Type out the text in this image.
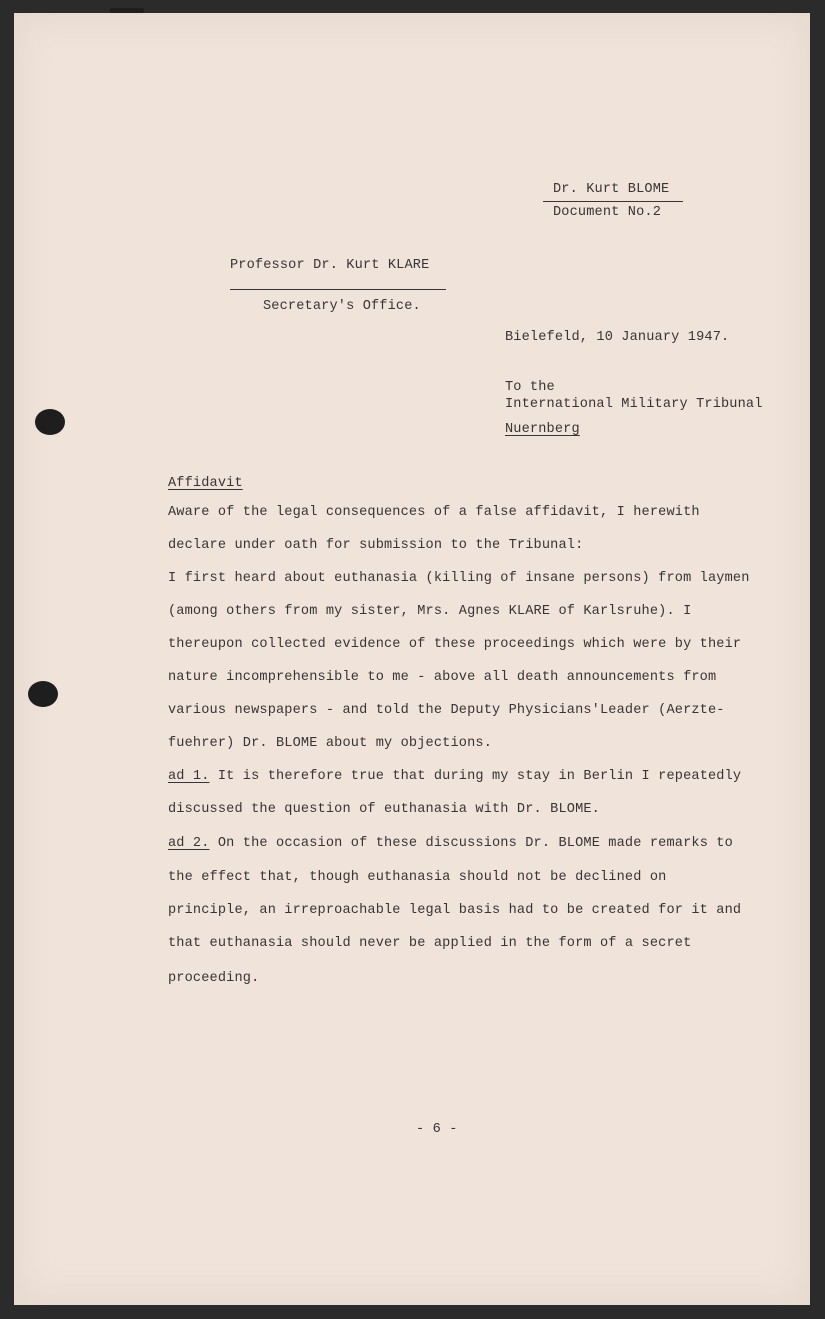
Dr. Kurt BLOME
Document No.2
Professor Dr. Kurt KLARE
Secretary's Office.
Bielefeld, 10 January 1947.
To the
International Military Tribunal
Nuernberg
Affidavit
Aware of the legal consequences of a false affidavit, I herewith
declare under oath for submission to the Tribunal:
I first heard about euthanasia (killing of insane persons) from laymen
(among others from my sister, Mrs. Agnes KLARE of Karlsruhe). I
thereupon collected evidence of these proceedings which were by their
nature incomprehensible to me - above all death announcements from
various newspapers - and told the Deputy Physicians'Leader (Aerzte-
fuehrer) Dr. BLOME about my objections.
ad 1. It is therefore true that during my stay in Berlin I repeatedly
discussed the question of euthanasia with Dr. BLOME.
ad 2. On the occasion of these discussions Dr. BLOME made remarks to
the effect that, though euthanasia should not be declined on
principle, an irreproachable legal basis had to be created for it and
that euthanasia should never be applied in the form of a secret
proceeding.
- 6 -
